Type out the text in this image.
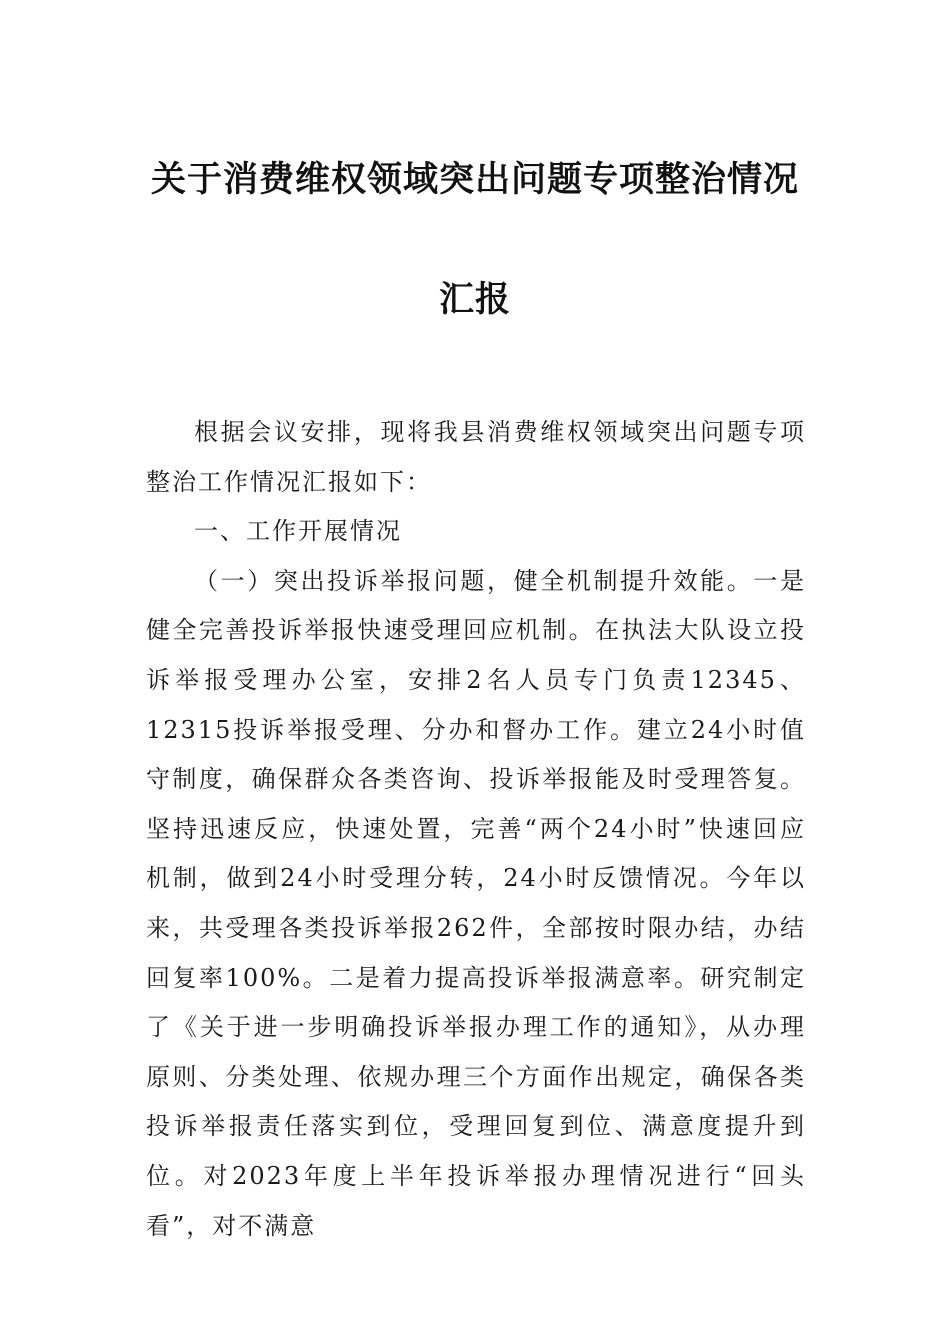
关于消费维权领域突出问题专项整治情况
汇报

根据会议安排，现将我县消费维权领域突出问题专项整治工作情况汇报如下：

一、工作开展情况

（一）突出投诉举报问题，健全机制提升效能。一是健全完善投诉举报快速受理回应机制。在执法大队设立投诉举报受理办公室，安排2名人员专门负责12345、12315投诉举报受理、分办和督办工作。建立24小时值守制度，确保群众各类咨询、投诉举报能及时受理答复。坚持迅速反应，快速处置，完善“两个24小时”快速回应机制，做到24小时受理分转，24小时反馈情况。今年以来，共受理各类投诉举报262件，全部按时限办结，办结回复率100%。二是着力提高投诉举报满意率。研究制定了《关于进一步明确投诉举报办理工作的通知》，从办理原则、分类处理、依规办理三个方面作出规定，确保各类投诉举报责任落实到位，受理回复到位、满意度提升到位。对2023年度上半年投诉举报办理情况进行“回头看”，对不满意
